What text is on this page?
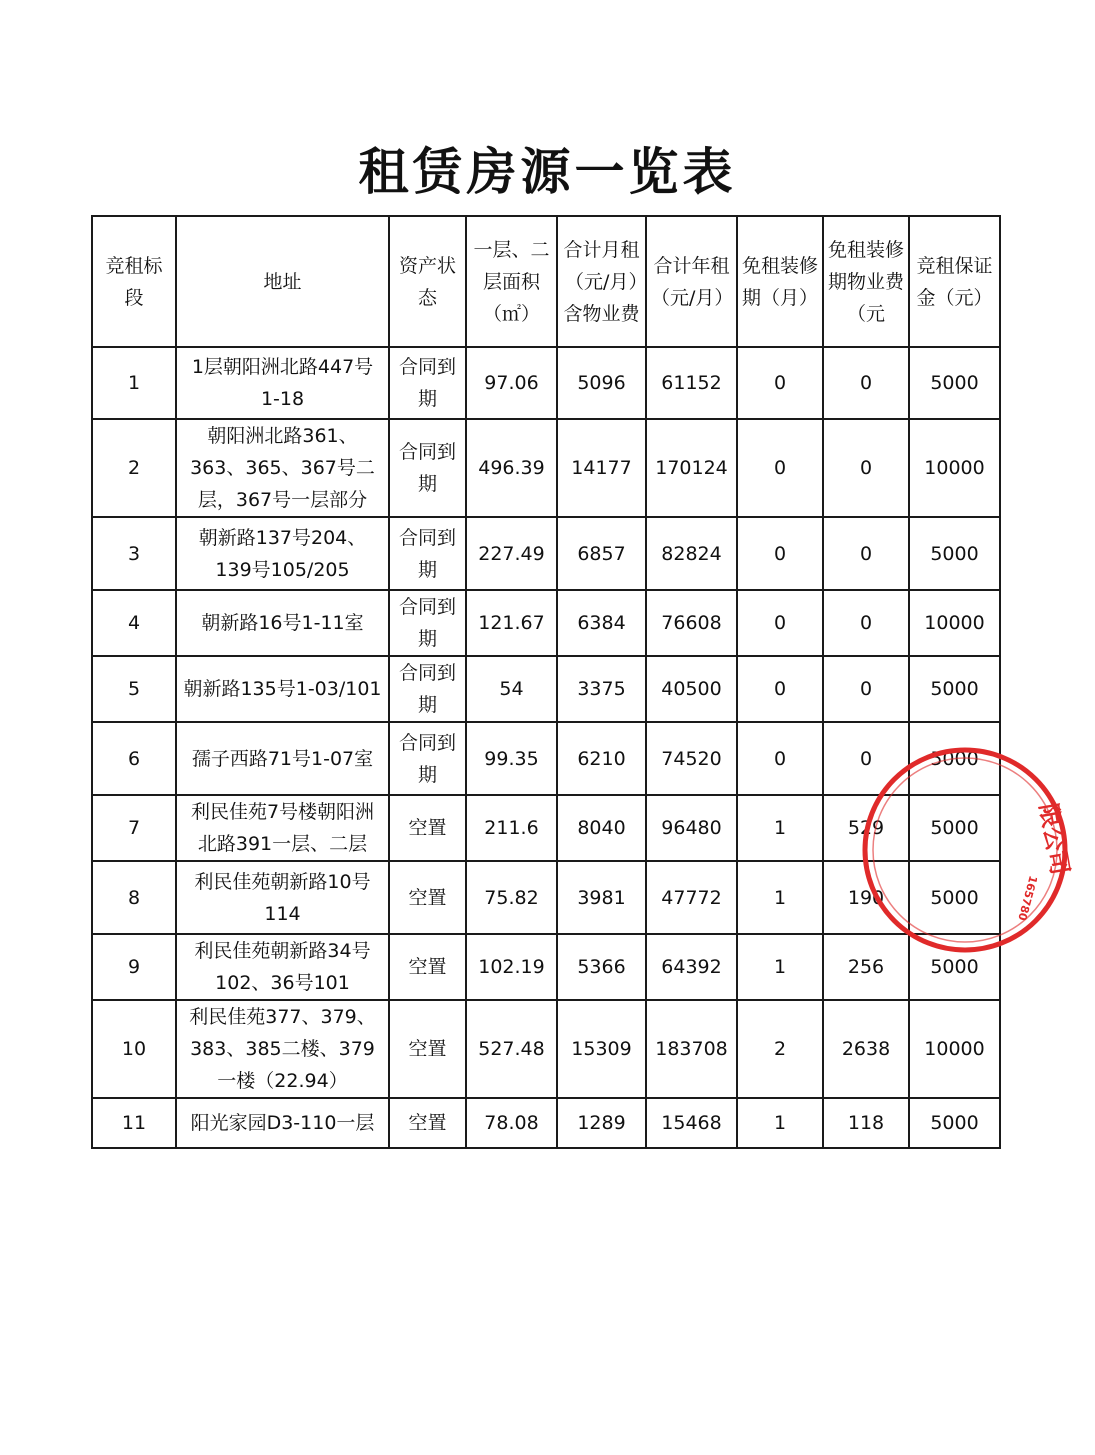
租赁房源一览表
竞租标段	地址	资产状态	一层、二层面积（㎡）	合计月租（元/月）含物业费	合计年租（元/月）	免租装修期（月）	免租装修期物业费（元	竞租保证金（元）
1	1层朝阳洲北路447号1-18	合同到期	97.06	5096	61152	0	0	5000
2	朝阳洲北路361、363、365、367号二层，367号一层部分	合同到期	496.39	14177	170124	0	0	10000
3	朝新路137号204、139号105/205	合同到期	227.49	6857	82824	0	0	5000
4	朝新路16号1-11室	合同到期	121.67	6384	76608	0	0	10000
5	朝新路135号1-03/101	合同到期	54	3375	40500	0	0	5000
6	孺子西路71号1-07室	合同到期	99.35	6210	74520	0	0	5000
7	利民佳苑7号楼朝阳洲北路391一层、二层	空置	211.6	8040	96480	1	529	5000
8	利民佳苑朝新路10号114	空置	75.82	3981	47772	1	190	5000
9	利民佳苑朝新路34号102、36号101	空置	102.19	5366	64392	1	256	5000
10	利民佳苑377、379、383、385二楼、379一楼（22.94）	空置	527.48	15309	183708	2	2638	10000
11	阳光家园D3-110一层	空置	78.08	1289	15468	1	118	5000
限公司
165780
